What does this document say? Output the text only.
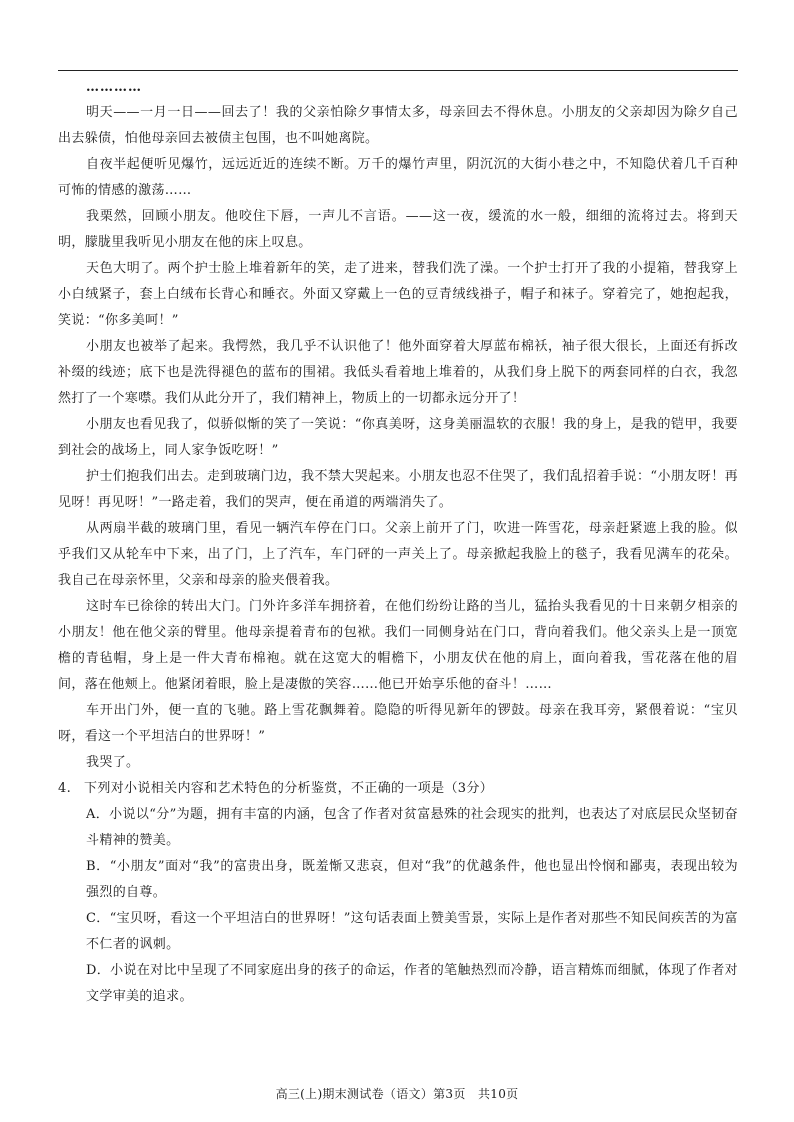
…………

明天——一月一日——回去了！我的父亲怕除夕事情太多，母亲回去不得休息。小朋友的父亲却因为除夕自己出去躲债，怕他母亲回去被债主包围，也不叫她离院。

自夜半起便听见爆竹，远远近近的连续不断。万千的爆竹声里，阴沉沉的大街小巷之中，不知隐伏着几千百种可怖的情感的激荡……

我栗然，回顾小朋友。他咬住下唇，一声儿不言语。——这一夜，缓流的水一般，细细的流将过去。将到天明，朦胧里我听见小朋友在他的床上叹息。

天色大明了。两个护士脸上堆着新年的笑，走了进来，替我们洗了澡。一个护士打开了我的小提箱，替我穿上小白绒紧子，套上白绒布长背心和睡衣。外面又穿戴上一色的豆青绒线褂子，帽子和袜子。穿着完了，她抱起我，笑说：“你多美呵！”

小朋友也被举了起来。我愕然，我几乎不认识他了！他外面穿着大厚蓝布棉袄，袖子很大很长，上面还有拆改补缀的线迹；底下也是洗得褪色的蓝布的围裙。我低头看着地上堆着的，从我们身上脱下的两套同样的白衣，我忽然打了一个寒噤。我们从此分开了，我们精神上，物质上的一切都永远分开了！

小朋友也看见我了，似骄似惭的笑了一笑说：“你真美呀，这身美丽温软的衣服！我的身上，是我的铠甲，我要到社会的战场上，同人家争饭吃呀！”

护士们抱我们出去。走到玻璃门边，我不禁大哭起来。小朋友也忍不住哭了，我们乱招着手说：“小朋友呀！再见呀！再见呀！”一路走着，我们的哭声，便在甬道的两端消失了。

从两扇半截的玻璃门里，看见一辆汽车停在门口。父亲上前开了门，吹进一阵雪花，母亲赶紧遮上我的脸。似乎我们又从轮车中下来，出了门，上了汽车，车门砰的一声关上了。母亲掀起我脸上的毯子，我看见满车的花朵。我自己在母亲怀里，父亲和母亲的脸夹偎着我。

这时车已徐徐的转出大门。门外许多洋车拥挤着，在他们纷纷让路的当儿，猛抬头我看见的十日来朝夕相亲的小朋友！他在他父亲的臂里。他母亲提着青布的包袱。我们一同侧身站在门口，背向着我们。他父亲头上是一顶宽檐的青毡帽，身上是一件大青布棉袍。就在这宽大的帽檐下，小朋友伏在他的肩上，面向着我，雪花落在他的眉间，落在他颊上。他紧闭着眼，脸上是凄傲的笑容……他已开始享乐他的奋斗！……

车开出门外，便一直的飞驰。路上雪花飘舞着。隐隐的听得见新年的锣鼓。母亲在我耳旁，紧偎着说：“宝贝呀，看这一个平坦洁白的世界呀！”

我哭了。

4. 下列对小说相关内容和艺术特色的分析鉴赏，不正确的一项是（3分）

A．小说以“分”为题，拥有丰富的内涵，包含了作者对贫富悬殊的社会现实的批判，也表达了对底层民众坚韧奋斗精神的赞美。

B．“小朋友”面对“我”的富贵出身，既羞惭又悲哀，但对“我”的优越条件，他也显出怜悯和鄙夷，表现出较为强烈的自尊。

C．“宝贝呀，看这一个平坦洁白的世界呀！”这句话表面上赞美雪景，实际上是作者对那些不知民间疾苦的为富不仁者的讽刺。

D．小说在对比中呈现了不同家庭出身的孩子的命运，作者的笔触热烈而冷静，语言精炼而细腻，体现了作者对文学审美的追求。

高三(上)期末测试卷（语文）第3页　共10页
